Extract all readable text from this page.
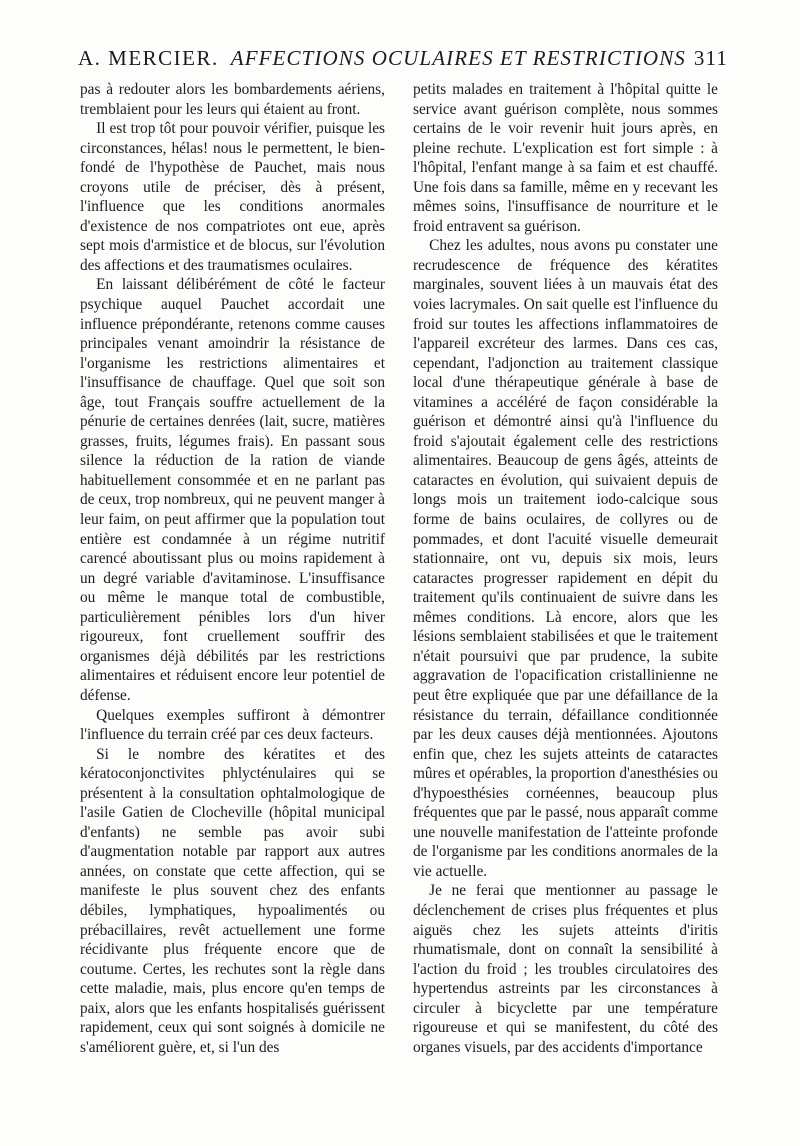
A. MERCIER. AFFECTIONS OCULAIRES ET RESTRICTIONS 311

pas à redouter alors les bombardements aériens, tremblaient pour les leurs qui étaient au front.

Il est trop tôt pour pouvoir vérifier, puisque les circonstances, hélas! nous le permettent, le bien-fondé de l'hypothèse de Pauchet, mais nous croyons utile de préciser, dès à présent, l'influence que les conditions anormales d'existence de nos compatriotes ont eue, après sept mois d'armistice et de blocus, sur l'évolution des affections et des traumatismes oculaires.

En laissant délibérément de côté le facteur psychique auquel Pauchet accordait une influence prépondérante, retenons comme causes principales venant amoindrir la résistance de l'organisme les restrictions alimentaires et l'insuffisance de chauffage. Quel que soit son âge, tout Français souffre actuellement de la pénurie de certaines denrées (lait, sucre, matières grasses, fruits, légumes frais). En passant sous silence la réduction de la ration de viande habituellement consommée et en ne parlant pas de ceux, trop nombreux, qui ne peuvent manger à leur faim, on peut affirmer que la population tout entière est condamnée à un régime nutritif carencé aboutissant plus ou moins rapidement à un degré variable d'avitaminose. L'insuffisance ou même le manque total de combustible, particulièrement pénibles lors d'un hiver rigoureux, font cruellement souffrir des organismes déjà débilités par les restrictions alimentaires et réduisent encore leur potentiel de défense.

Quelques exemples suffiront à démontrer l'influence du terrain créé par ces deux facteurs.

Si le nombre des kératites et des kératoconjonctivites phlycténulaires qui se présentent à la consultation ophtalmologique de l'asile Gatien de Clocheville (hôpital municipal d'enfants) ne semble pas avoir subi d'augmentation notable par rapport aux autres années, on constate que cette affection, qui se manifeste le plus souvent chez des enfants débiles, lymphatiques, hypoalimentés ou prébacillaires, revêt actuellement une forme récidivante plus fréquente encore que de coutume. Certes, les rechutes sont la règle dans cette maladie, mais, plus encore qu'en temps de paix, alors que les enfants hospitalisés guérissent rapidement, ceux qui sont soignés à domicile ne s'améliorent guère, et, si l'un des

petits malades en traitement à l'hôpital quitte le service avant guérison complète, nous sommes certains de le voir revenir huit jours après, en pleine rechute. L'explication est fort simple : à l'hôpital, l'enfant mange à sa faim et est chauffé. Une fois dans sa famille, même en y recevant les mêmes soins, l'insuffisance de nourriture et le froid entravent sa guérison.

Chez les adultes, nous avons pu constater une recrudescence de fréquence des kératites marginales, souvent liées à un mauvais état des voies lacrymales. On sait quelle est l'influence du froid sur toutes les affections inflammatoires de l'appareil excréteur des larmes. Dans ces cas, cependant, l'adjonction au traitement classique local d'une thérapeutique générale à base de vitamines a accéléré de façon considérable la guérison et démontré ainsi qu'à l'influence du froid s'ajoutait également celle des restrictions alimentaires. Beaucoup de gens âgés, atteints de cataractes en évolution, qui suivaient depuis de longs mois un traitement iodo-calcique sous forme de bains oculaires, de collyres ou de pommades, et dont l'acuité visuelle demeurait stationnaire, ont vu, depuis six mois, leurs cataractes progresser rapidement en dépit du traitement qu'ils continuaient de suivre dans les mêmes conditions. Là encore, alors que les lésions semblaient stabilisées et que le traitement n'était poursuivi que par prudence, la subite aggravation de l'opacification cristallinienne ne peut être expliquée que par une défaillance de la résistance du terrain, défaillance conditionnée par les deux causes déjà mentionnées. Ajoutons enfin que, chez les sujets atteints de cataractes mûres et opérables, la proportion d'anesthésies ou d'hypoesthésies cornéennes, beaucoup plus fréquentes que par le passé, nous apparaît comme une nouvelle manifestation de l'atteinte profonde de l'organisme par les conditions anormales de la vie actuelle.

Je ne ferai que mentionner au passage le déclenchement de crises plus fréquentes et plus aiguës chez les sujets atteints d'iritis rhumatismale, dont on connaît la sensibilité à l'action du froid ; les troubles circulatoires des hypertendus astreints par les circonstances à circuler à bicyclette par une température rigoureuse et qui se manifestent, du côté des organes visuels, par des accidents d'importance
